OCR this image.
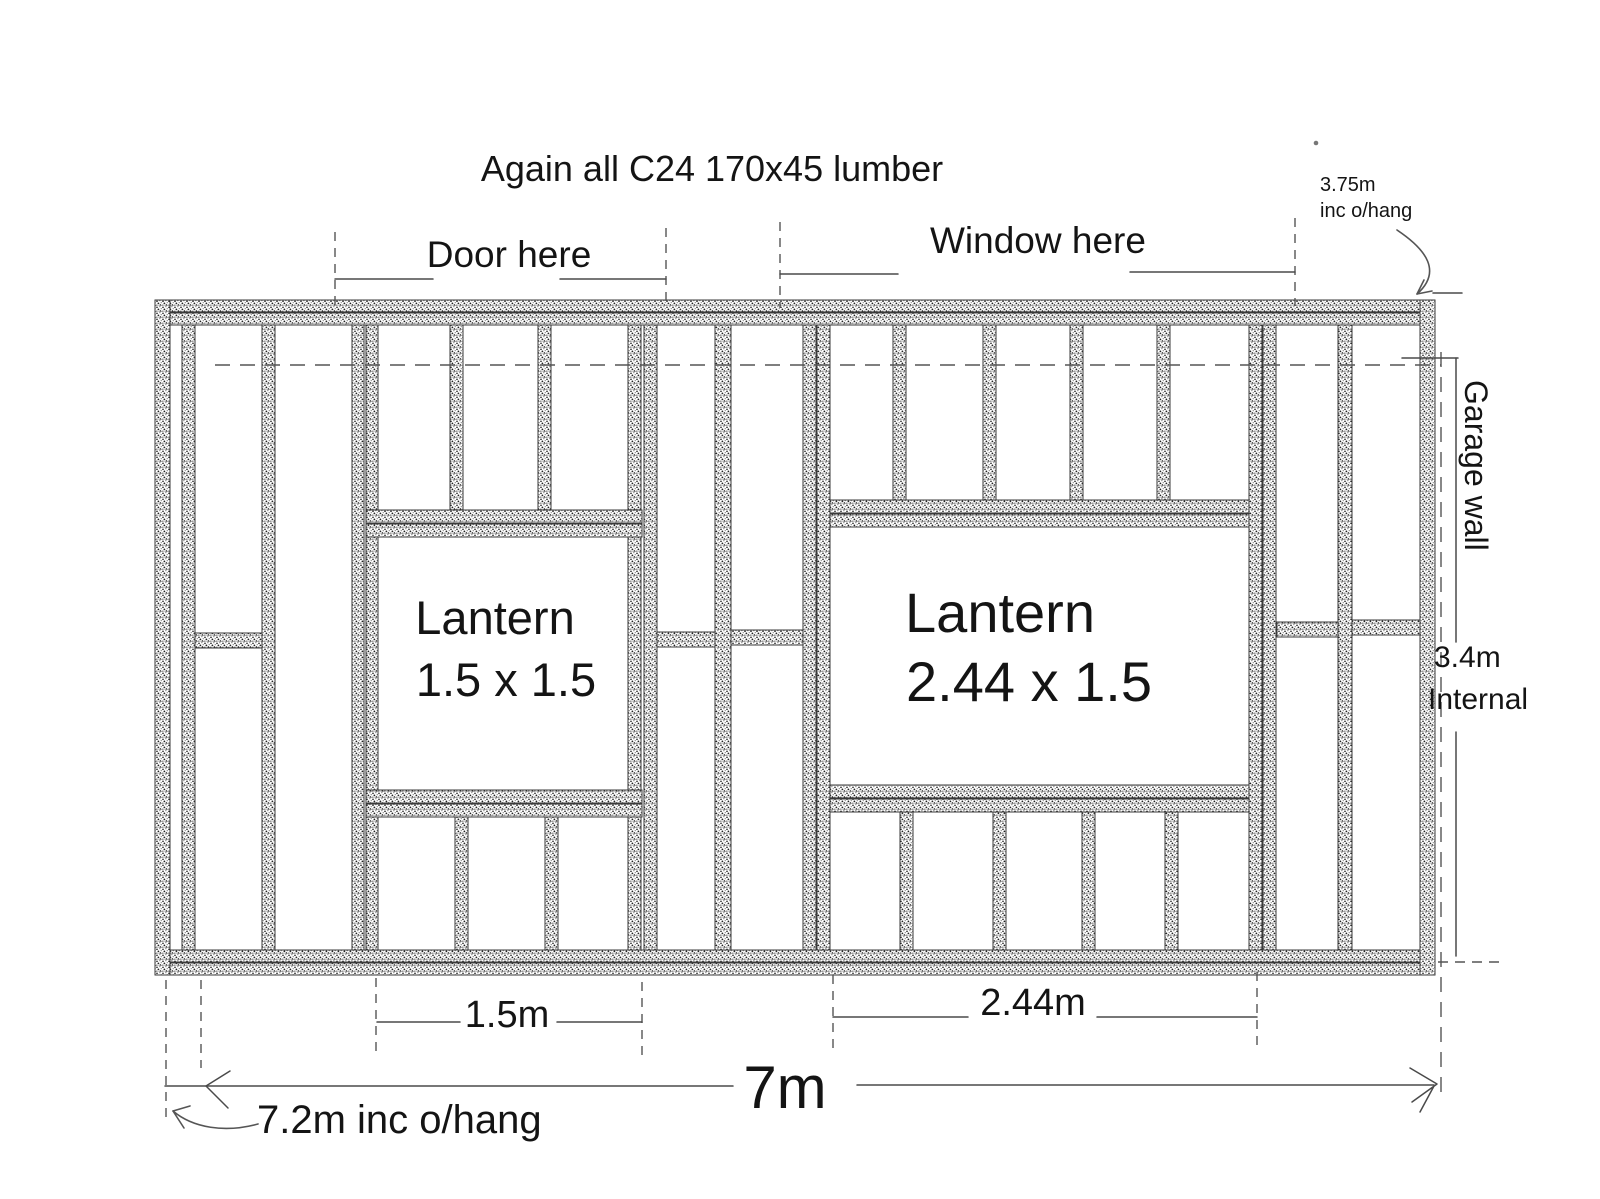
Again all C24 170x45 lumber
Door here	Window here
3.75m
inc o/hang
Garage wall
3.4m
Internal
Lantern
1.5 x 1.5
Lantern
2.44 x 1.5
1.5m	2.44m
7m
7.2m inc o/hang
